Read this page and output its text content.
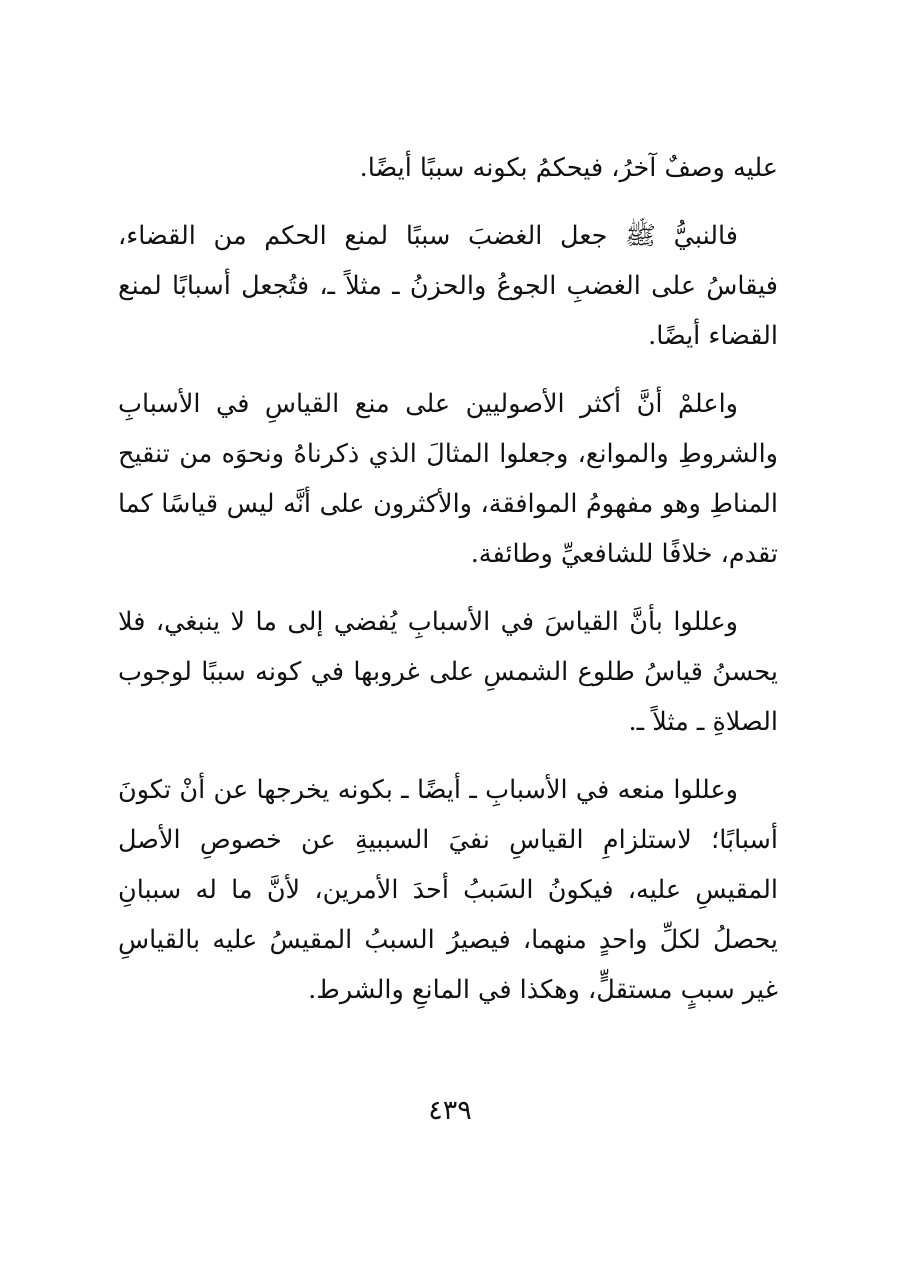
عليه وصفٌ آخرُ، فيحكمُ بكونه سببًا أيضًا.

فالنبيُّ ﷺ جعل الغضبَ سببًا لمنع الحكم من القضاء، فيقاسُ على الغضبِ الجوعُ والحزنُ ـ مثلاً ـ، فتُجعل أسبابًا لمنع القضاء أيضًا.

واعلمْ أنَّ أكثر الأصوليين على منع القياسِ في الأسبابِ والشروطِ والموانع، وجعلوا المثالَ الذي ذكرناهُ ونحوَه من تنقيح المناطِ وهو مفهومُ الموافقة، والأكثرون على أنَّه ليس قياسًا كما تقدم، خلافًا للشافعيِّ وطائفة.

وعللوا بأنَّ القياسَ في الأسبابِ يُفضي إلى ما لا ينبغي، فلا يحسنُ قياسُ طلوع الشمسِ على غروبها في كونه سببًا لوجوب الصلاةِ ـ مثلاً ـ.

وعللوا منعه في الأسبابِ ـ أيضًا ـ بكونه يخرجها عن أنْ تكونَ أسبابًا؛ لاستلزامِ القياسِ نفيَ السببيةِ عن خصوصِ الأصل المقيسِ عليه، فيكونُ السَببُ أحدَ الأمرين، لأنَّ ما له سببانِ يحصلُ لكلِّ واحدٍ منهما، فيصيرُ السببُ المقيسُ عليه بالقياسِ غير سببٍ مستقلٍّ، وهكذا في المانعِ والشرط.

٤٣٩
